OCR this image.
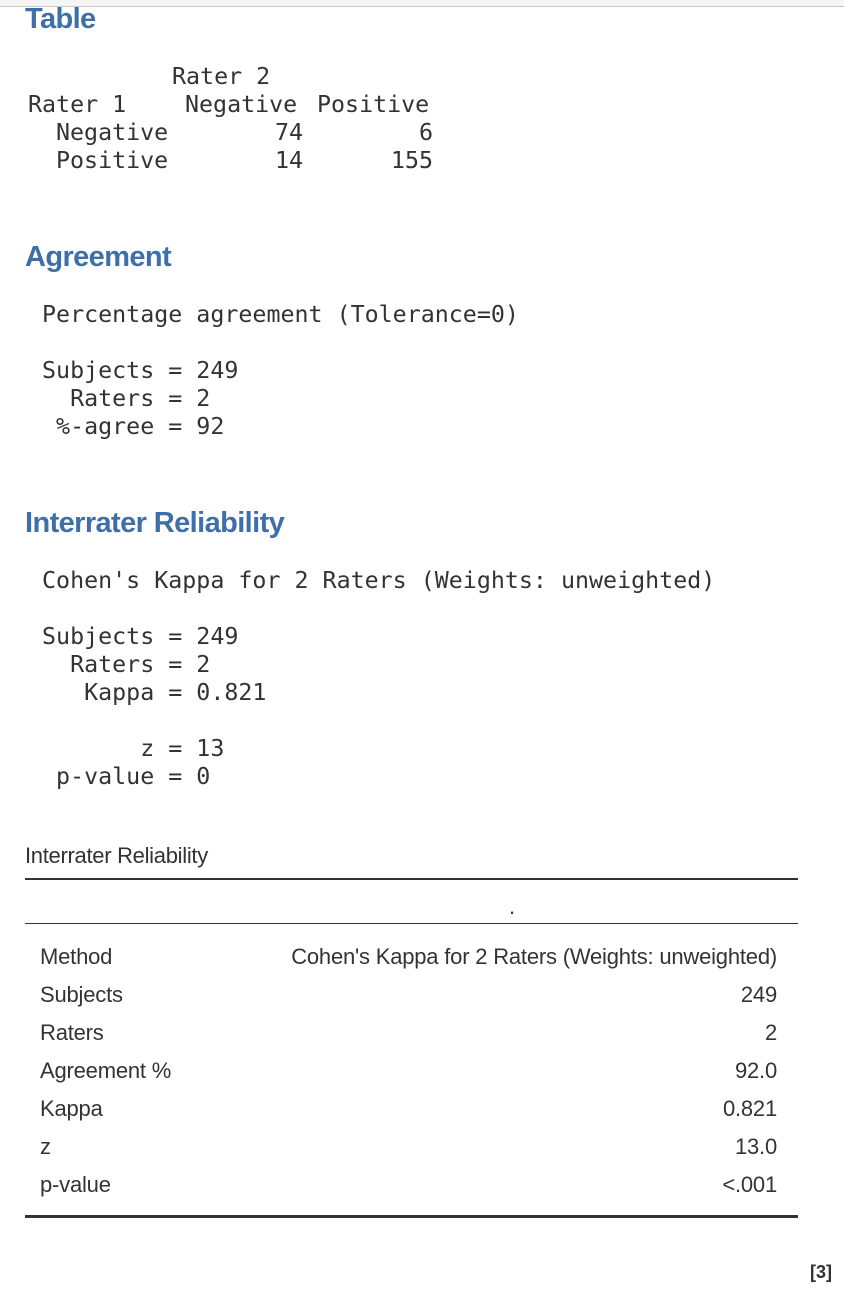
Table
Rater 2
Rater 1	Negative Positive
Negative	74	6
Positive	14	155
Agreement
Percentage agreement (Tolerance=0)

Subjects = 249
Raters = 2
%-agree = 92
Interrater Reliability
Cohen's Kappa for 2 Raters (Weights: unweighted)

Subjects = 249
Raters = 2
Kappa = 0.821

z = 13
p-value = 0
Interrater Reliability
.
Method	Cohen's Kappa for 2 Raters (Weights: unweighted)
Subjects	249
Raters	2
Agreement %	92.0
Kappa	0.821
z	13.0
p-value	<.001
[3]
